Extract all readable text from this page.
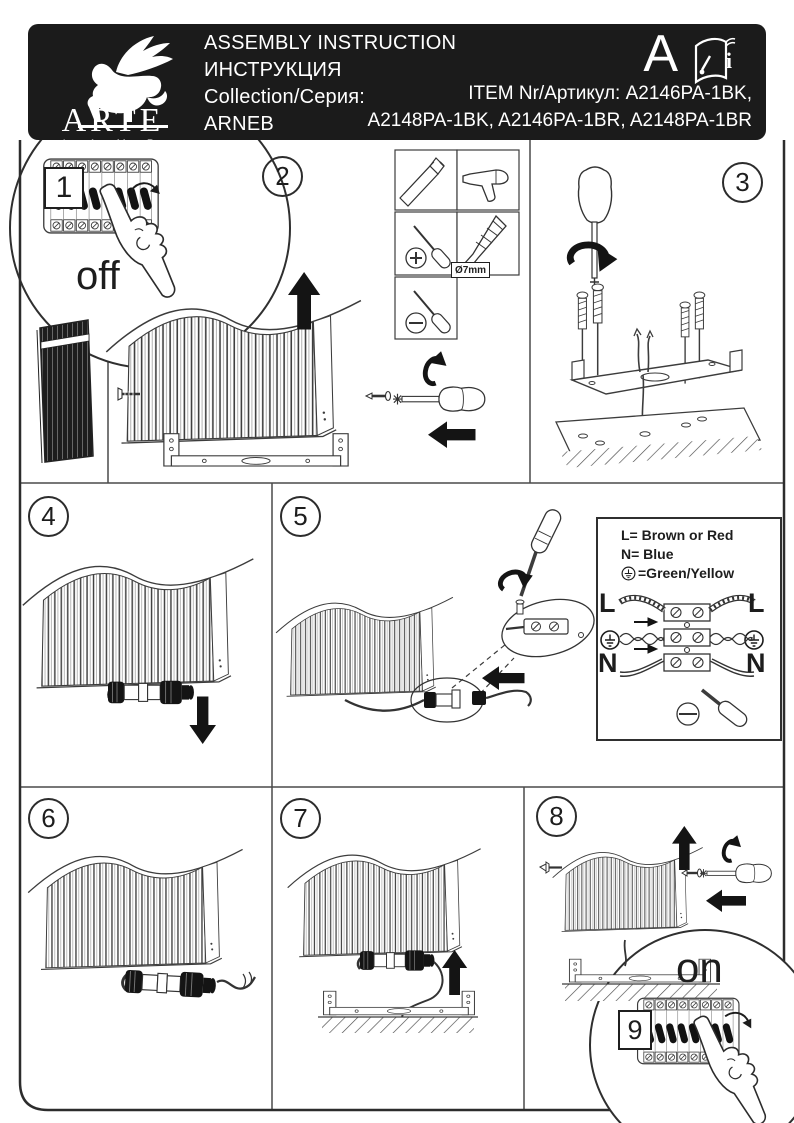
ARTE
L A M P
ASSEMBLY INSTRUCTION
ИНСТРУКЦИЯ
Collection/Серия:
ARNEB
ITEM Nr/Артикул: A2146PA-1BK,
A2148PA-1BK, A2146PA-1BR, A2148PA-1BR
A i
1
off
2	3
4	5
6	7	8
9
on
Ø7mm
L= Brown or Red
N= Blue
=Green/Yellow
L
N
L
N
